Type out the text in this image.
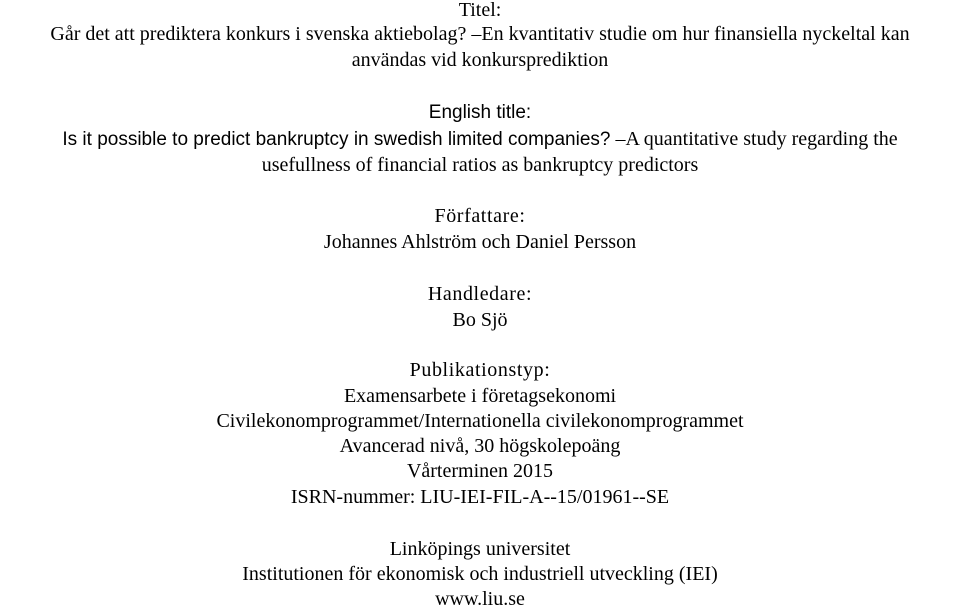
Titel:
Går det att prediktera konkurs i svenska aktiebolag? –En kvantitativ studie om hur finansiella nyckeltal kan
användas vid konkursprediktion
English title:
Is it possible to predict bankruptcy in swedish limited companies? –A quantitative study regarding the
usefullness of financial ratios as bankruptcy predictors
Författare:
Johannes Ahlström och Daniel Persson
Handledare:
Bo Sjö
Publikationstyp:
Examensarbete i företagsekonomi
Civilekonomprogrammet/Internationella civilekonomprogrammet
Avancerad nivå, 30 högskolepoäng
Vårterminen 2015
ISRN-nummer: LIU-IEI-FIL-A--15/01961--SE
Linköpings universitet
Institutionen för ekonomisk och industriell utveckling (IEI)
www.liu.se
